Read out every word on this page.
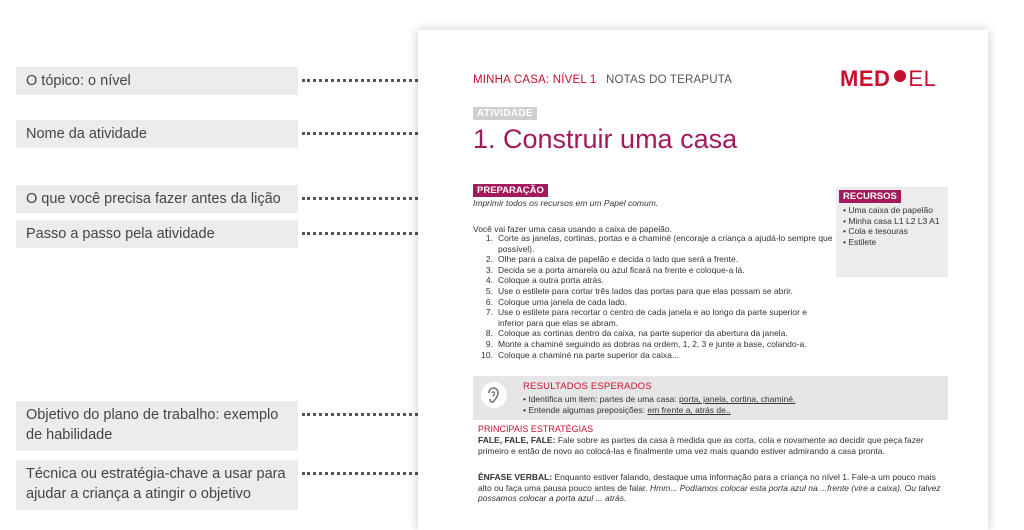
O tópico: o nível
Nome da atividade
O que você precisa fazer antes da lição
Passo a passo pela atividade
Objetivo do plano de trabalho: exemplo de habilidade
Técnica ou estratégia-chave a usar para ajudar a criança a atingir o objetivo
MINHA CASA: NÍVEL 1 NOTAS DO TERAPUTA	MED EL
ATIVIDADE
1. Construir uma casa
PREPARAÇÃO
Imprimir todos os recursos em um Papel comum.
Você vai fazer uma casa usando a caixa de papelão.
1. Corte as janelas, cortinas, portas e a chaminé (encoraje a criança a ajudá-lo sempre que possível).
2. Olhe para a caixa de papelão e decida o lado que será a frente.
3. Decida se a porta amarela ou azul ficará na frente e coloque-a lá.
4. Coloque a outra porta atrás.
5. Use o estilete para cortar três lados das portas para que elas possam se abrir.
6. Coloque uma janela de cada lado.
7. Use o estilete para recortar o centro de cada janela e ao longo da parte superior e inferior para que elas se abram.
8. Coloque as cortinas dentro da caixa, na parte superior da abertura da janela.
9. Monte a chaminé seguindo as dobras na ordem, 1, 2, 3 e junte a base, colando-a.
10. Coloque a chaminé na parte superior da caixa...
RECURSOS
• Uma caixa de papelão
• Minha casa L1 L2 L3 A1
• Cola e tesouras
• Estilete
RESULTADOS ESPERADOS
• Identifica um item: partes de uma casa: porta, janela, cortina, chaminé.
• Entende algumas preposições: em frente a, atrás de..
PRINCIPAIS ESTRATÉGIAS
FALE, FALE, FALE: Fale sobre as partes da casa à medida que as corta, cola e novamente ao decidir que peça fazer primeiro e então de novo ao colocá-las e finalmente uma vez mais quando estiver admirando a casa pronta.
ÊNFASE VERBAL: Enquanto estiver falando, destaque uma informação para a criança no nível 1. Fale-a um pouco mais alto ou faça uma pausa pouco antes de falar. Hmm... Podíamos colocar esta porta azul na ...frente (vire a caixa). Ou talvez possamos colocar a porta azul ... atrás.
